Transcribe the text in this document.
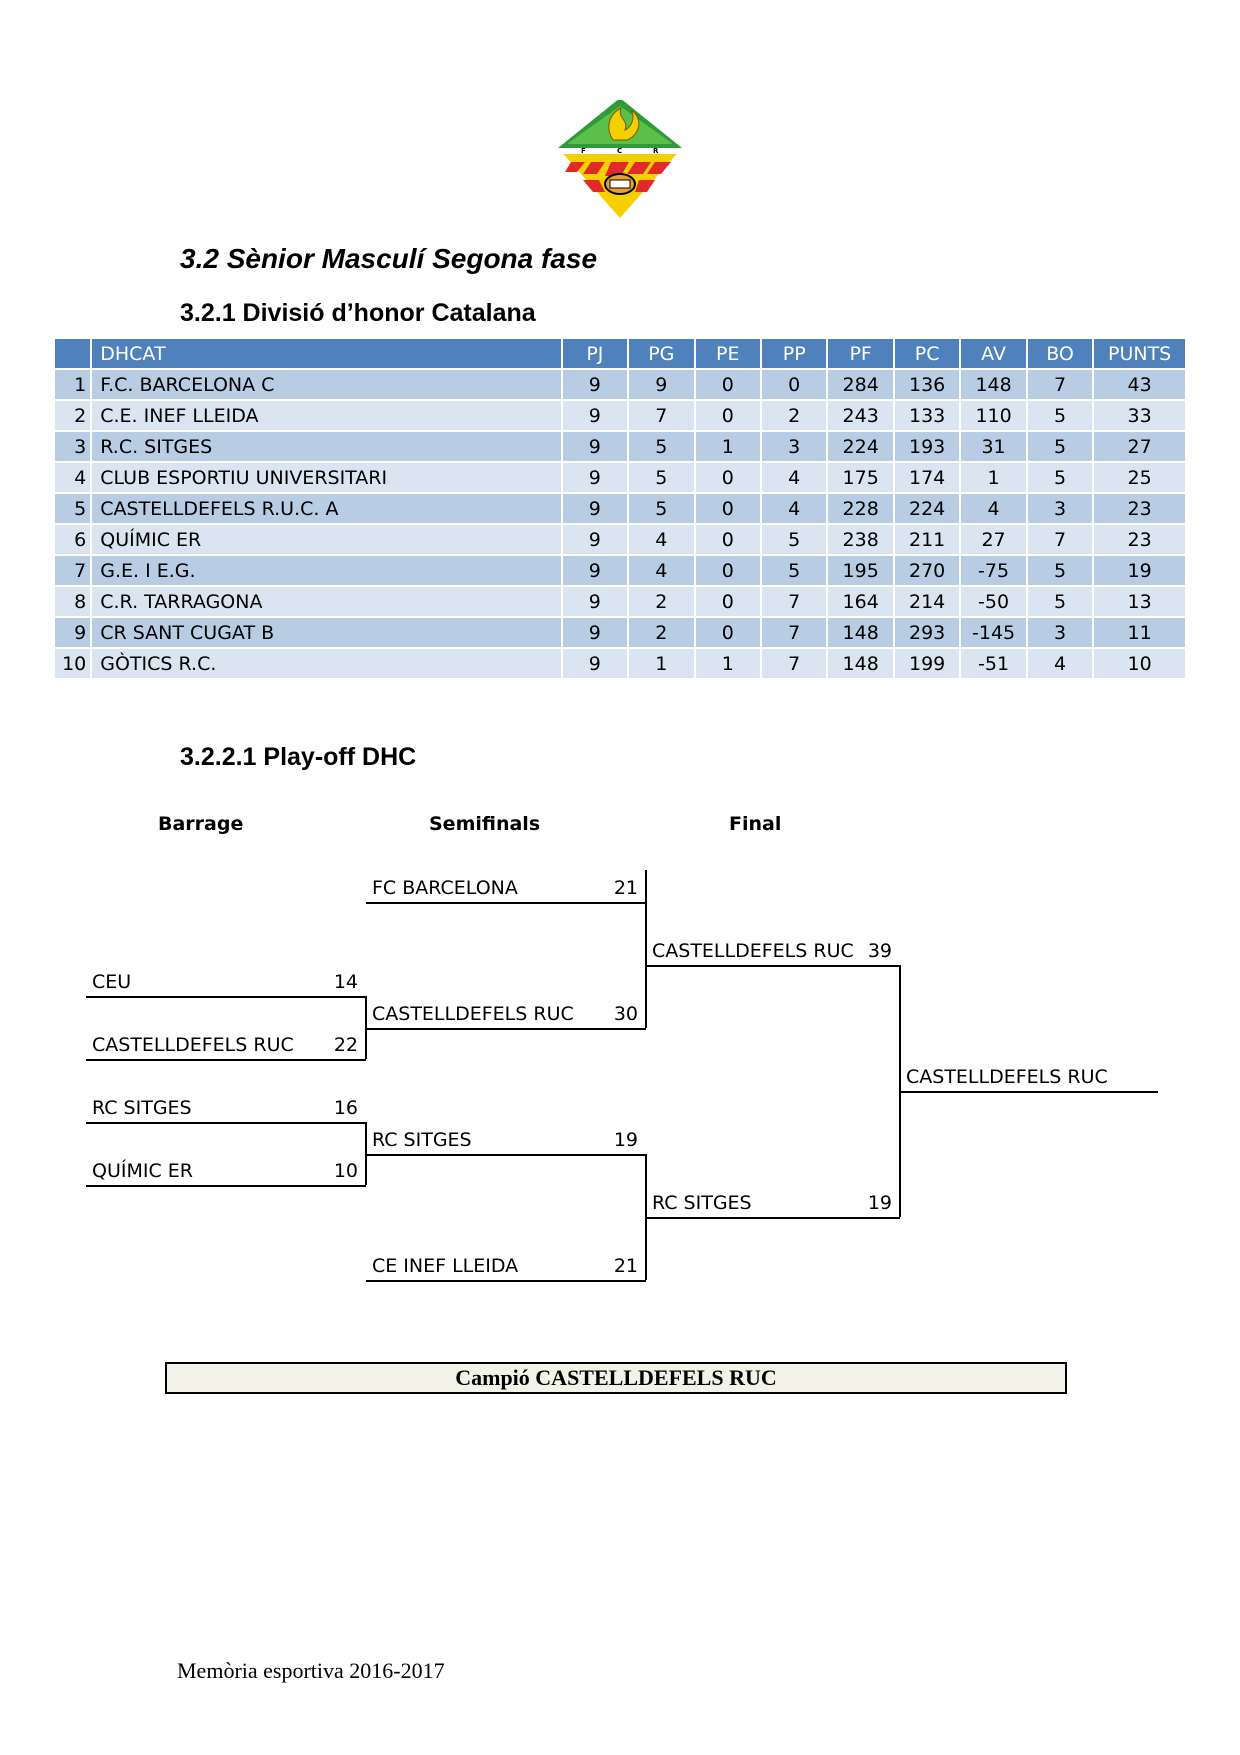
F	C	R
3.2 Sènior Masculí Segona fase
3.2.1 Divisió d’honor Catalana
	DHCAT	PJ	PG	PE	PP	PF	PC	AV	BO	PUNTS
1	F.C. BARCELONA C	9	9	0	0	284	136	148	7	43
2	C.E. INEF LLEIDA	9	7	0	2	243	133	110	5	33
3	R.C. SITGES	9	5	1	3	224	193	31	5	27
4	CLUB ESPORTIU UNIVERSITARI	9	5	0	4	175	174	1	5	25
5	CASTELLDEFELS R.U.C. A	9	5	0	4	228	224	4	3	23
6	QUÍMIC ER	9	4	0	5	238	211	27	7	23
7	G.E. I E.G.	9	4	0	5	195	270	-75	5	19
8	C.R. TARRAGONA	9	2	0	7	164	214	-50	5	13
9	CR SANT CUGAT B	9	2	0	7	148	293	-145	3	11
10	GÒTICS R.C.	9	1	1	7	148	199	-51	4	10
3.2.2.1 Play-off DHC
Barrage	Semifinals	Final
CEU	14
CASTELLDEFELS RUC 22
RC SITGES	16
QUÍMIC ER	10
FC BARCELONA	21
CASTELLDEFELS RUC 30
RC SITGES	19
CE INEF LLEIDA	21
CASTELLDEFELS RUC 39
RC SITGES	19
CASTELLDEFELS RUC
Campió CASTELLDEFELS RUC
Memòria esportiva 2016-2017
